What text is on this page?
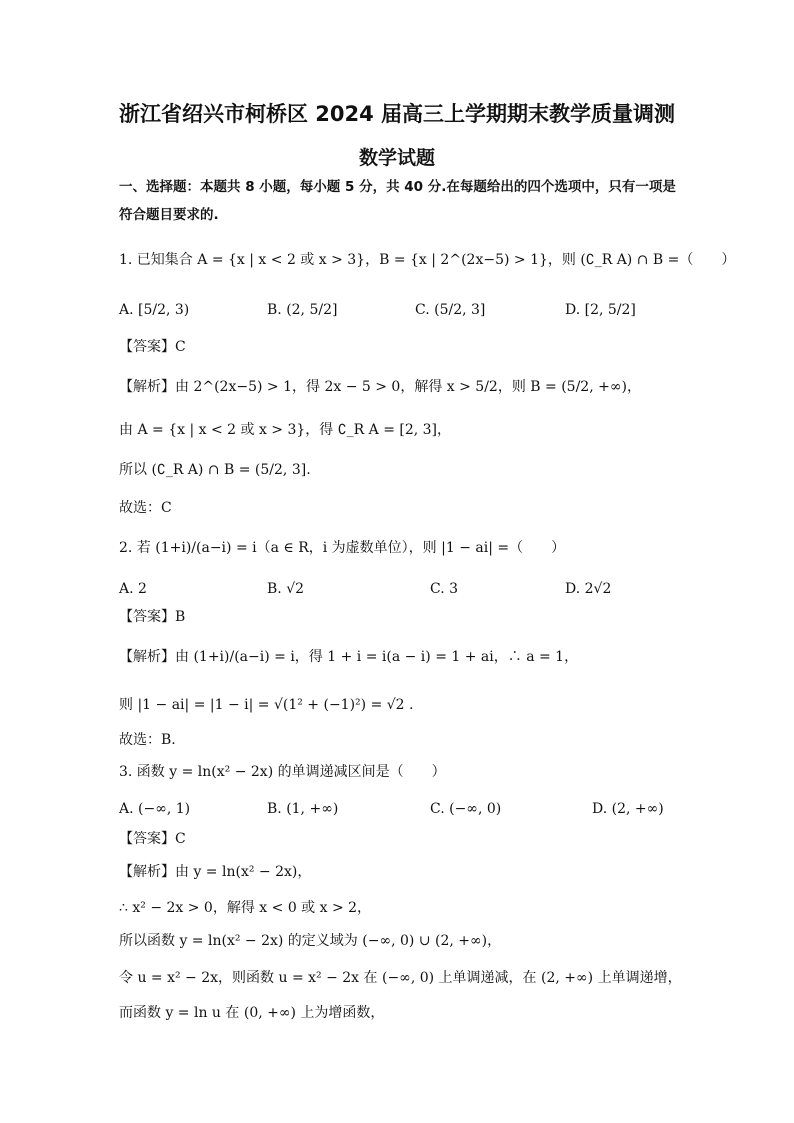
浙江省绍兴市柯桥区 2024 届高三上学期期末教学质量调测
数学试题
一、选择题：本题共 8 小题，每小题 5 分，共 40 分.在每题给出的四个选项中，只有一项是
符合题目要求的.
1. 已知集合 A = {x | x < 2 或 x > 3}，B = {x | 2^(2x−5) > 1}，则 (∁_R A) ∩ B =（　　）
A. [5/2, 3)	B. (2, 5/2]	C. (5/2, 3]	D. [2, 5/2]
【答案】C
【解析】由 2^(2x−5) > 1，得 2x − 5 > 0，解得 x > 5/2，则 B = (5/2, +∞)，
由 A = {x | x < 2 或 x > 3}，得 ∁_R A = [2, 3]，
所以 (∁_R A) ∩ B = (5/2, 3].
故选：C
2. 若 (1+i)/(a−i) = i（a ∈ R，i 为虚数单位），则 |1 − ai| =（　　）
A. 2	B. √2	C. 3	D. 2√2
【答案】B
【解析】由 (1+i)/(a−i) = i，得 1 + i = i(a − i) = 1 + ai，∴ a = 1，
则 |1 − ai| = |1 − i| = √(1² + (−1)²) = √2 .
故选：B.
3. 函数 y = ln(x² − 2x) 的单调递减区间是（　　）
A. (−∞, 1)	B. (1, +∞)	C. (−∞, 0)	D. (2, +∞)
【答案】C
【解析】由 y = ln(x² − 2x)，
∴ x² − 2x > 0，解得 x < 0 或 x > 2，
所以函数 y = ln(x² − 2x) 的定义域为 (−∞, 0) ∪ (2, +∞)，
令 u = x² − 2x，则函数 u = x² − 2x 在 (−∞, 0) 上单调递减，在 (2, +∞) 上单调递增，
而函数 y = ln u 在 (0, +∞) 上为增函数，
